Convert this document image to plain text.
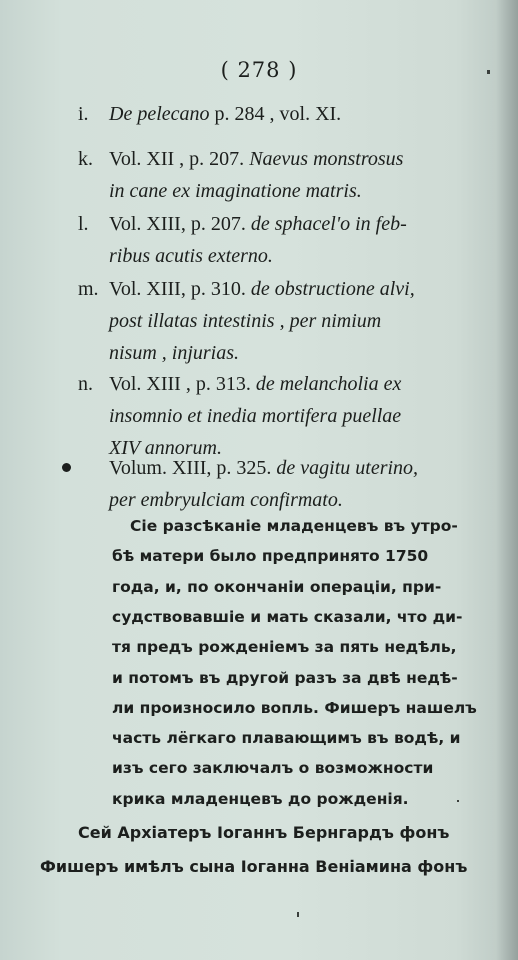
( 278 )
i. De pelecano p. 284 , vol. XI.
k. Vol. XII , p. 207. Naevus monstrosus
in cane ex imaginatione matris.
l. Vol. XIII, p. 207. de sphacel'o in feb-
ribus acutis externo.
m. Vol. XIII, p. 310. de obstructione alvi,
post illatas intestinis , per nimium
nisum , injurias.
n. Vol. XIII , p. 313. de melancholia ex
insomnio et inedia mortifera puellae
XIV annorum.
Volum. XIII, p. 325. de vagitu uterino,
per embryulciam confirmato.
Сіе разсѣканіе младенцевъ въ утро-
бѣ матери было предпринято 1750
года, и, по окончаніи операціи, при-
судствовавшіе и мать сказали, что ди-
тя предъ рожденіемъ за пять недѣль,
и потомъ въ другой разъ за двѣ недѣ-
ли произносило вопль. Фишеръ нашелъ
часть лёгкаго плавающимъ въ водѣ, и
изъ сего заключалъ о возможности
крика младенцевъ до рожденія.
Сей Архіатеръ Іоганнъ Бернгардъ фонъ
Фишеръ имѣлъ сына Іоганна Веніамина фонъ
